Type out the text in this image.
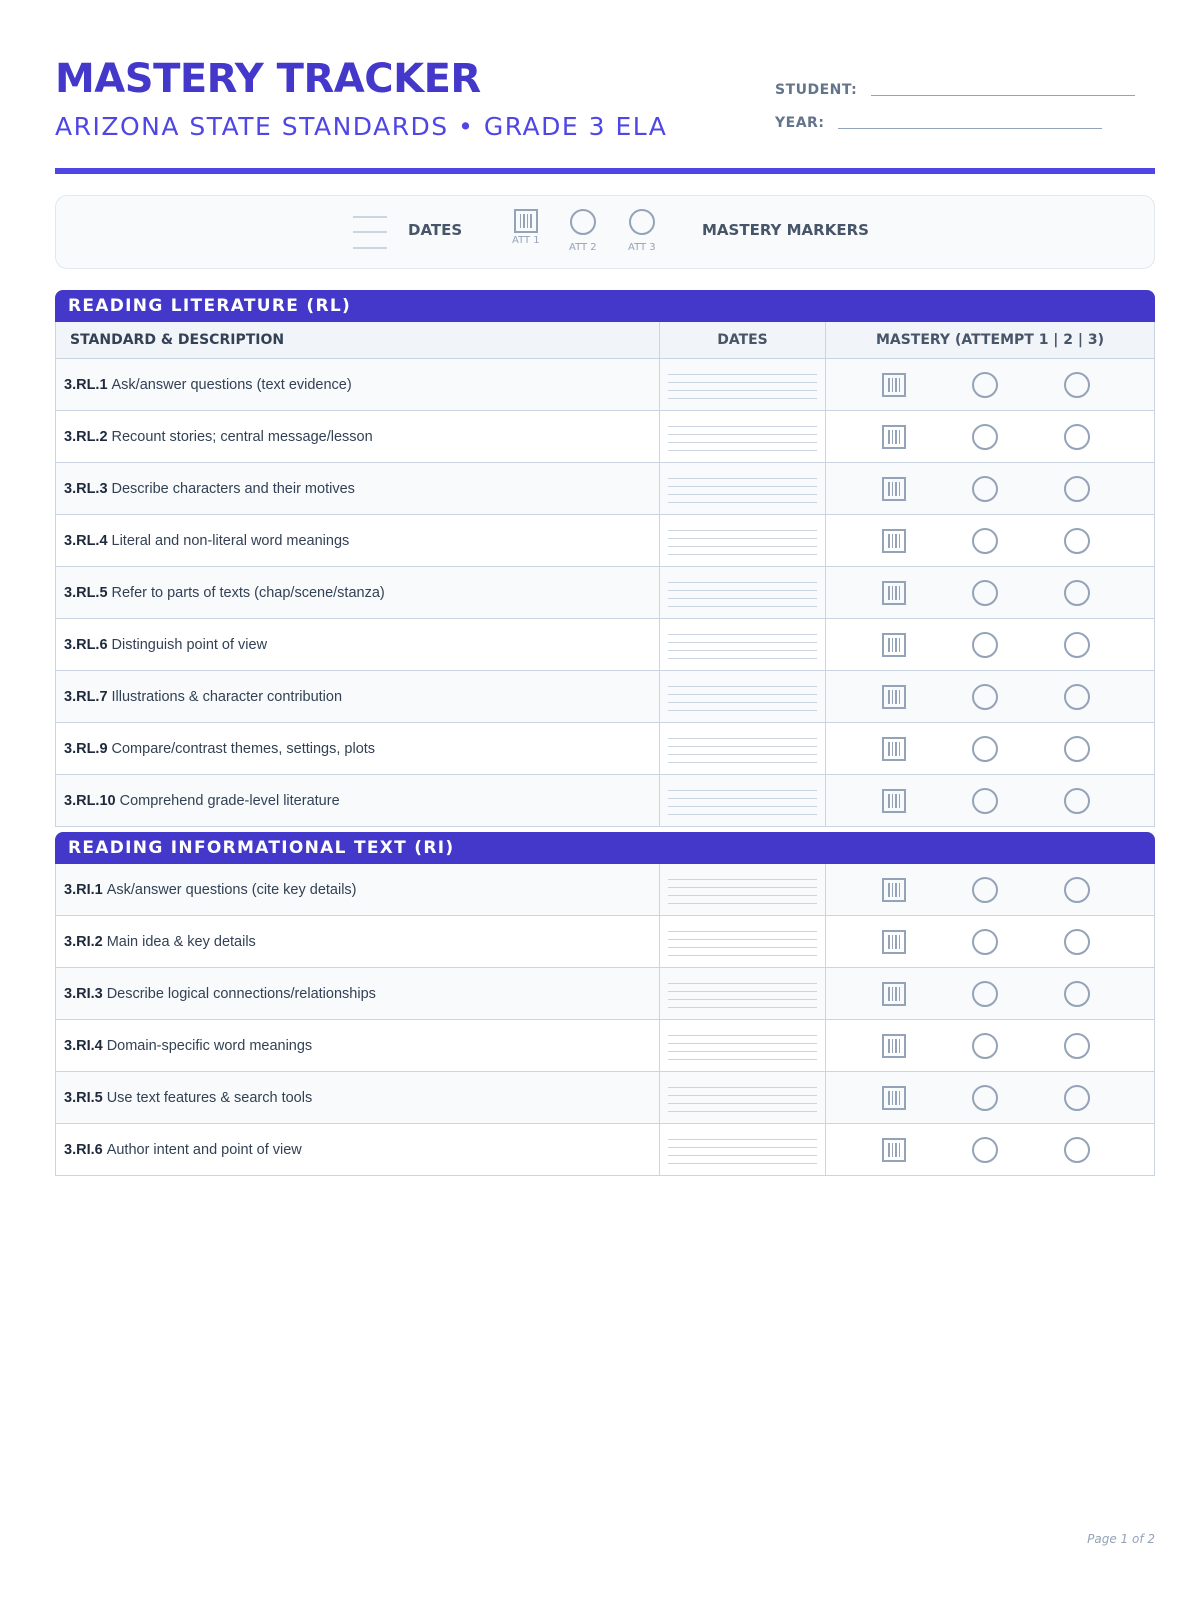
MASTERY TRACKER
ARIZONA STATE STANDARDS • GRADE 3 ELA
STUDENT:
YEAR:
DATES
ATT 1
ATT 2	ATT 3
MASTERY MARKERS
READING LITERATURE (RL)
STANDARD & DESCRIPTION	DATES	MASTERY (ATTEMPT 1 | 2 | 3)
3.RL.1 Ask/answer questions (text evidence)
3.RL.2 Recount stories; central message/lesson
3.RL.3 Describe characters and their motives
3.RL.4 Literal and non-literal word meanings
3.RL.5 Refer to parts of texts (chap/scene/stanza)
3.RL.6 Distinguish point of view
3.RL.7 Illustrations & character contribution
3.RL.9 Compare/contrast themes, settings, plots
3.RL.10 Comprehend grade-level literature
READING INFORMATIONAL TEXT (RI)
3.RI.1 Ask/answer questions (cite key details)
3.RI.2 Main idea & key details
3.RI.3 Describe logical connections/relationships
3.RI.4 Domain-specific word meanings
3.RI.5 Use text features & search tools
3.RI.6 Author intent and point of view
Page 1 of 2
